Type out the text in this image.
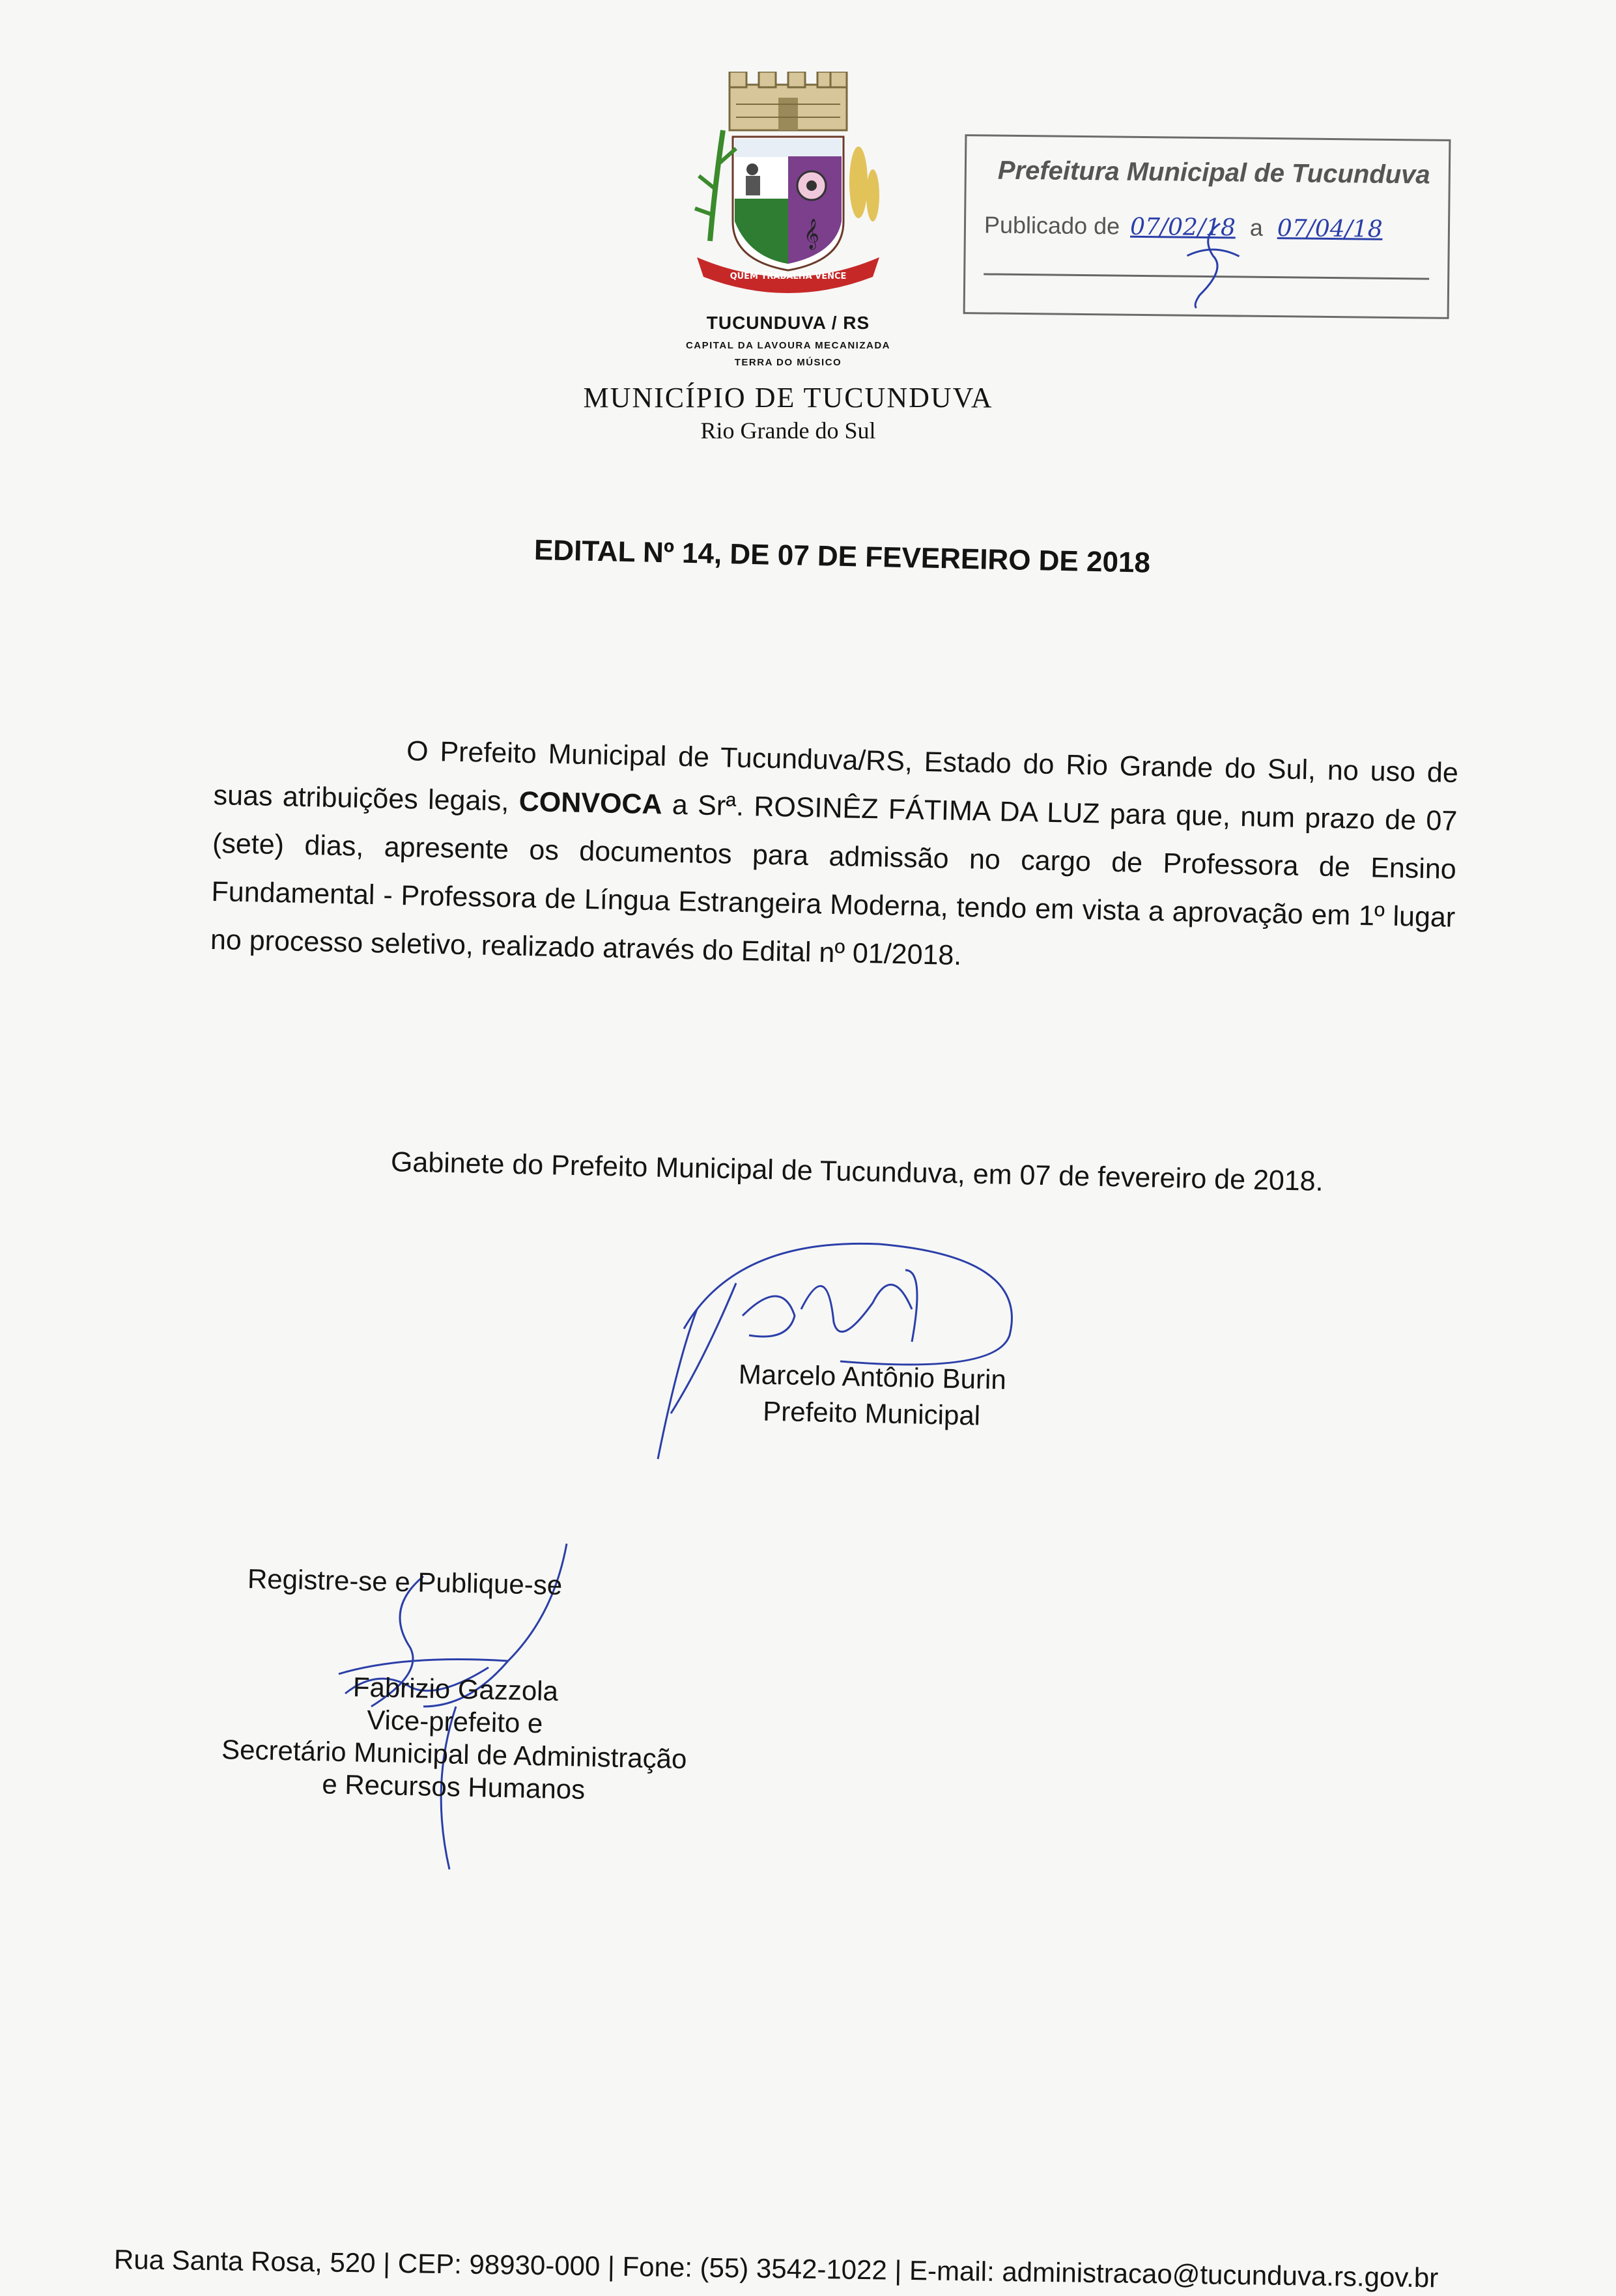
𝄞
QUEM TRABALHA VENCE
TUCUNDUVA / RS
CAPITAL DA LAVOURA MECANIZADA
TERRA DO MÚSICO
MUNICÍPIO DE TUCUNDUVA
Rio Grande do Sul
Prefeitura Municipal de Tucunduva
Publicado de 07/02/18 a 07/04/18
EDITAL Nº 14, DE 07 DE FEVEREIRO DE 2018

O Prefeito Municipal de Tucunduva/RS, Estado do Rio Grande do Sul, no uso de suas atribuições legais, CONVOCA a Srª. ROSINÊZ FÁTIMA DA LUZ para que, num prazo de 07 (sete) dias, apresente os documentos para admissão no cargo de Professora de Ensino Fundamental - Professora de Língua Estrangeira Moderna, tendo em vista a aprovação em 1º lugar no processo seletivo, realizado através do Edital nº 01/2018.

Gabinete do Prefeito Municipal de Tucunduva, em 07 de fevereiro de 2018.
Marcelo Antônio Burin
Prefeito Municipal
Registre-se e Publique-se
Fabrizio Gazzola
Vice-prefeito e
Secretário Municipal de Administração
e Recursos Humanos
Rua Santa Rosa, 520 | CEP: 98930-000 | Fone: (55) 3542-1022 | E-mail: administracao@tucunduva.rs.gov.br
